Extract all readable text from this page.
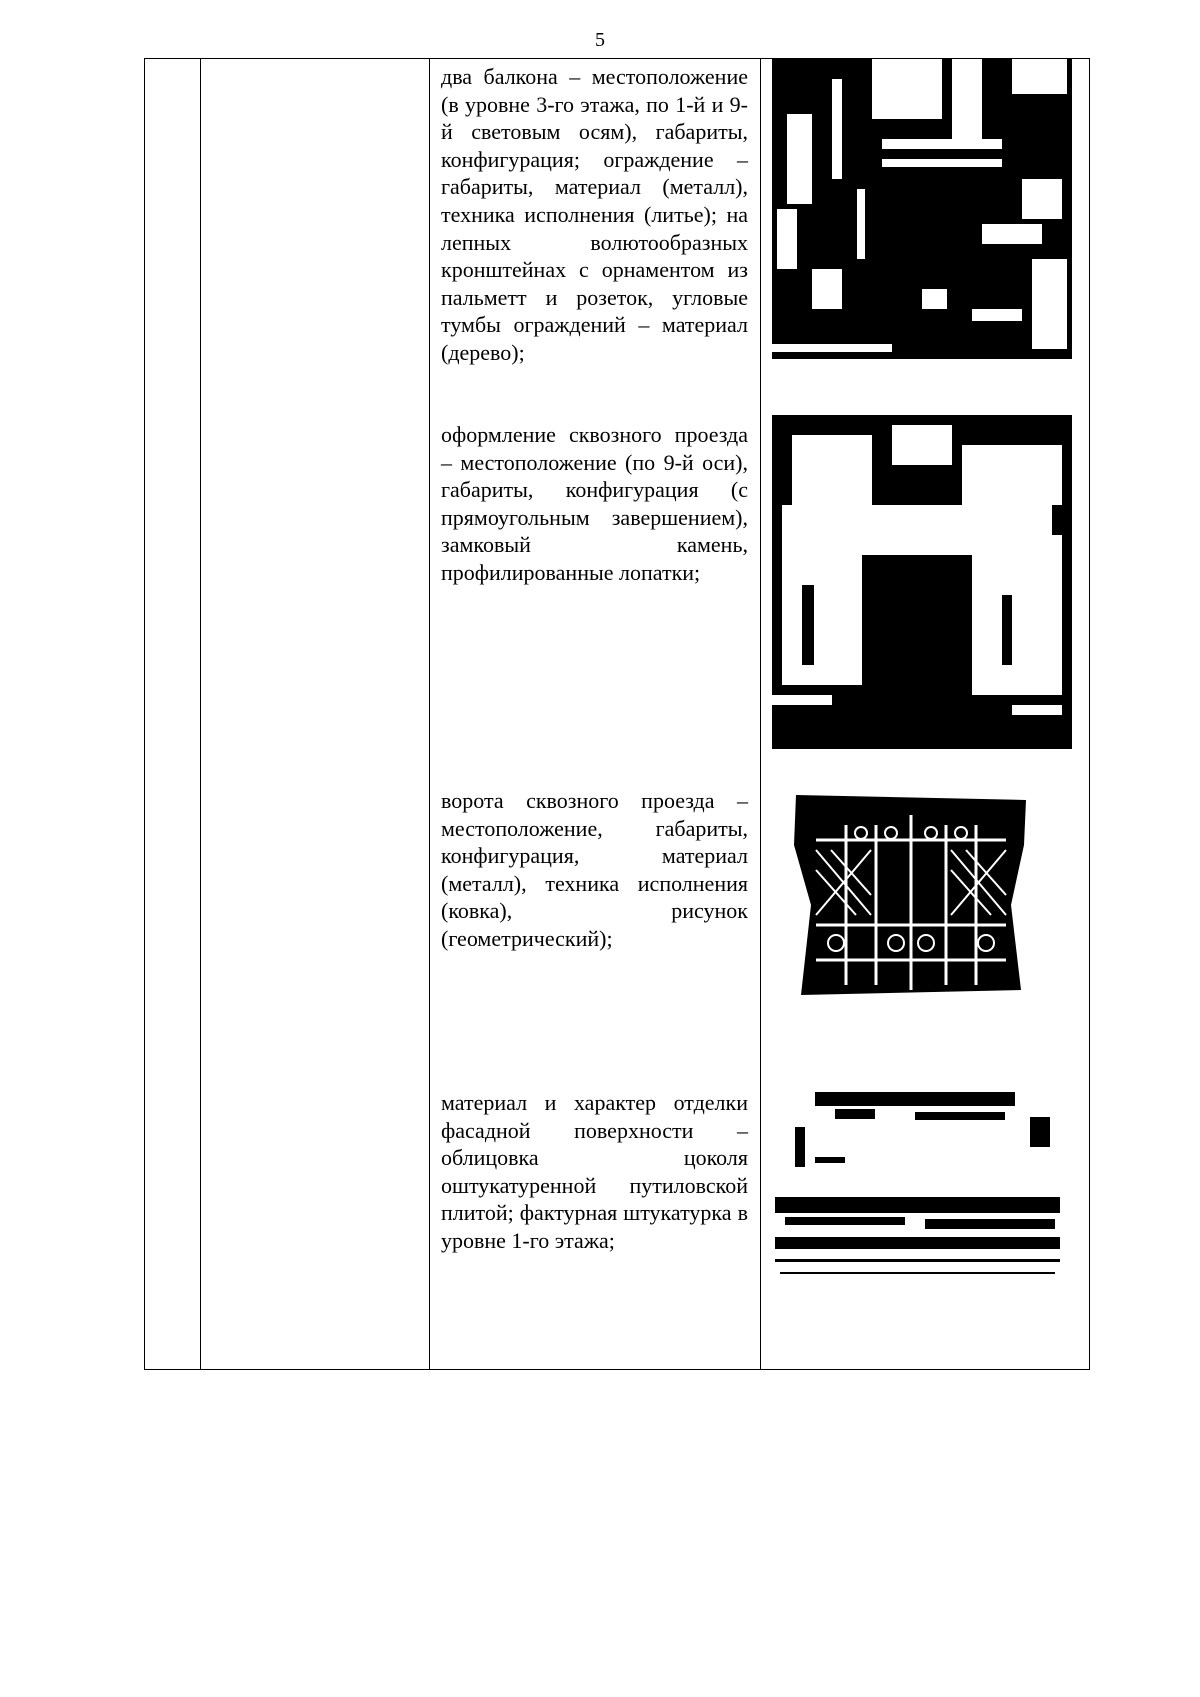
5

два балкона – местоположение (в уровне 3-го этажа, по 1-й и 9-й световым осям), габариты, конфигурация; ограждение – габариты, материал (металл), техника исполнения (литье); на лепных волютообразных кронштейнах с орнаментом из пальметт и розеток, угловые тумбы ограждений – материал (дерево);
оформление сквозного проезда – местоположение (по 9-й оси), габариты, конфигурация (с прямоугольным завершением), замковый камень, профилированные лопатки;
ворота сквозного проезда – местоположение, габариты, конфигурация, материал (металл), техника исполнения (ковка), рисунок (геометрический);
материал и характер отделки фасадной поверхности – облицовка цоколя оштукатуренной путиловской плитой; фактурная штукатурка в уровне 1-го этажа;
